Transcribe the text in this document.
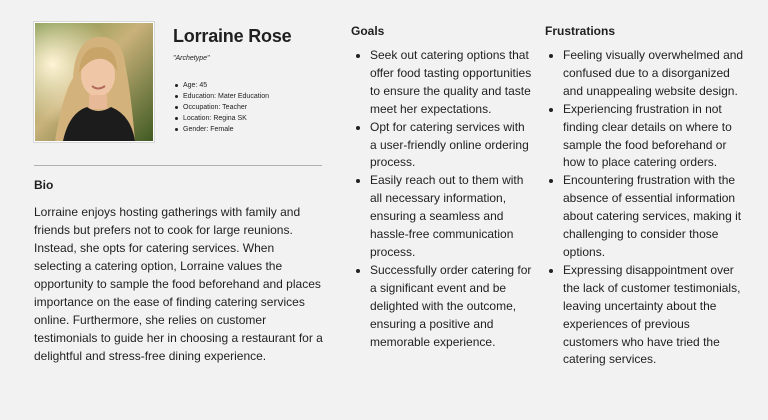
Lorraine Rose
"Archetype"
Age: 45
Education: Mater Education
Occupation: Teacher
Location: Regina SK
Gender: Female
Bio

Lorraine enjoys hosting gatherings with family and friends but prefers not to cook for large reunions. Instead, she opts for catering services. When selecting a catering option, Lorraine values the opportunity to sample the food beforehand and places importance on the ease of finding catering services online. Furthermore, she relies on customer testimonials to guide her in choosing a restaurant for a delightful and stress-free dining experience.

Goals
Seek out catering options that offer food tasting opportunities to ensure the quality and taste meet her expectations.
Opt for catering services with a user-friendly online ordering process.
Easily reach out to them with all necessary information, ensuring a seamless and hassle-free communication process.
Successfully order catering for a significant event and be delighted with the outcome, ensuring a positive and memorable experience.
Frustrations
Feeling visually overwhelmed and confused due to a disorganized and unappealing website design.
Experiencing frustration in not finding clear details on where to sample the food beforehand or how to place catering orders.
Encountering frustration with the absence of essential information about catering services, making it challenging to consider those options.
Expressing disappointment over the lack of customer testimonials, leaving uncertainty about the experiences of previous customers who have tried the catering services.
